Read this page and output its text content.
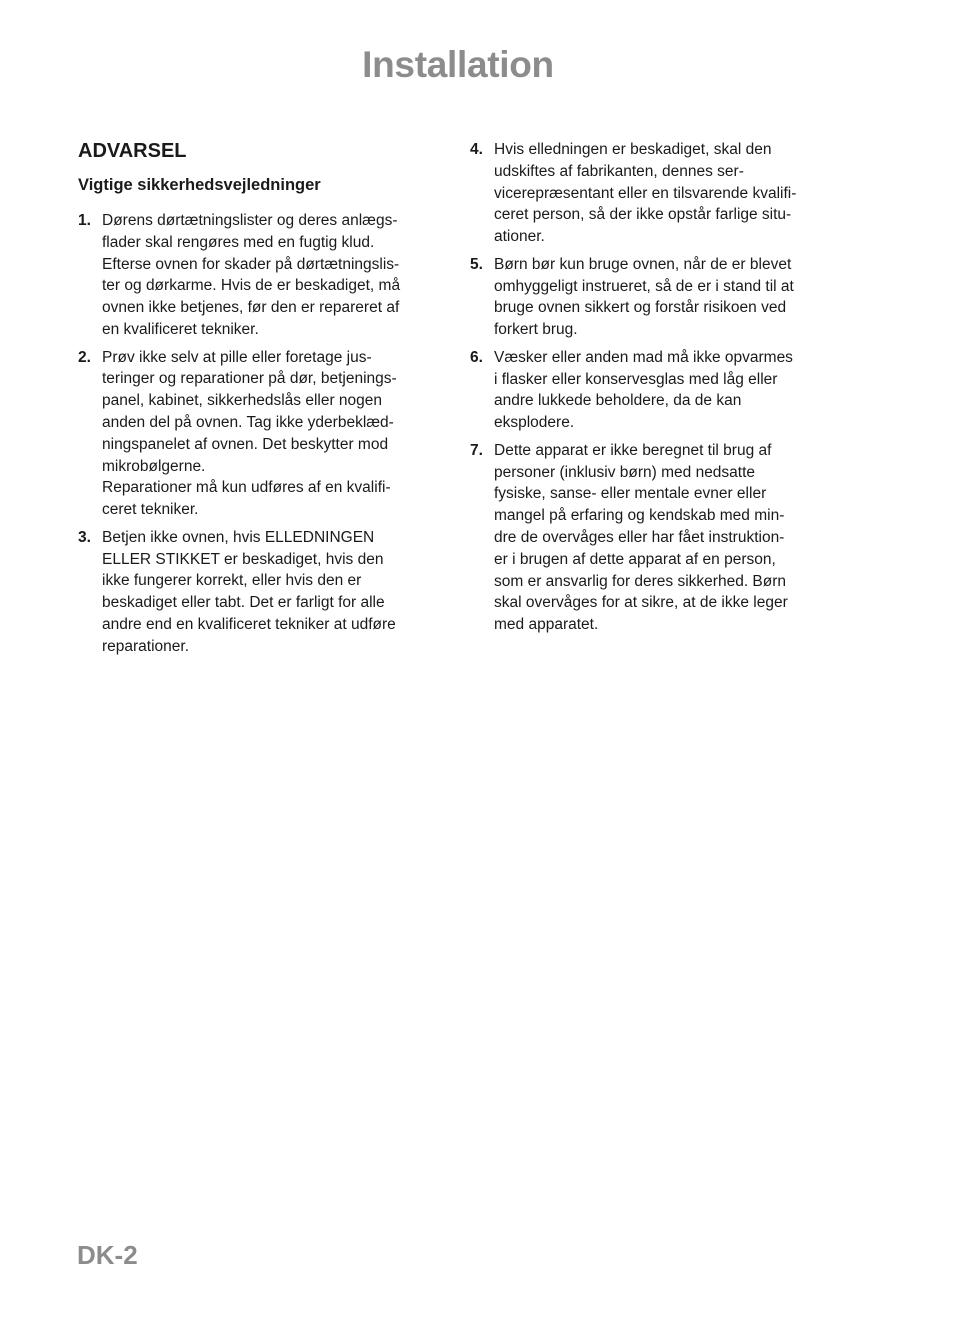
Installation
ADVARSEL
Vigtige sikkerhedsvejledninger
1. Dørens dørtætningslister og deres anlægs-
flader skal rengøres med en fugtig klud.
Efterse ovnen for skader på dørtætningslis-
ter og dørkarme. Hvis de er beskadiget, må
ovnen ikke betjenes, før den er repareret af
en kvalificeret tekniker.
2. Prøv ikke selv at pille eller foretage jus-
teringer og reparationer på dør, betjenings-
panel, kabinet, sikkerhedslås eller nogen
anden del på ovnen. Tag ikke yderbeklæd-
ningspanelet af ovnen. Det beskytter mod
mikrobølgerne.
Reparationer må kun udføres af en kvalifi-
ceret tekniker.
3. Betjen ikke ovnen, hvis ELLEDNINGEN
ELLER STIKKET er beskadiget, hvis den
ikke fungerer korrekt, eller hvis den er
beskadiget eller tabt. Det er farligt for alle
andre end en kvalificeret tekniker at udføre
reparationer.
4. Hvis elledningen er beskadiget, skal den
udskiftes af fabrikanten, dennes ser-
vicerepræsentant eller en tilsvarende kvalifi-
ceret person, så der ikke opstår farlige situ-
ationer.
5. Børn bør kun bruge ovnen, når de er blevet
omhyggeligt instrueret, så de er i stand til at
bruge ovnen sikkert og forstår risikoen ved
forkert brug.
6. Væsker eller anden mad må ikke opvarmes
i flasker eller konservesglas med låg eller
andre lukkede beholdere, da de kan
eksplodere.
7. Dette apparat er ikke beregnet til brug af
personer (inklusiv børn) med nedsatte
fysiske, sanse- eller mentale evner eller
mangel på erfaring og kendskab med min-
dre de overvåges eller har fået instruktion-
er i brugen af dette apparat af en person,
som er ansvarlig for deres sikkerhed. Børn
skal overvåges for at sikre, at de ikke leger
med apparatet.

DK-2
